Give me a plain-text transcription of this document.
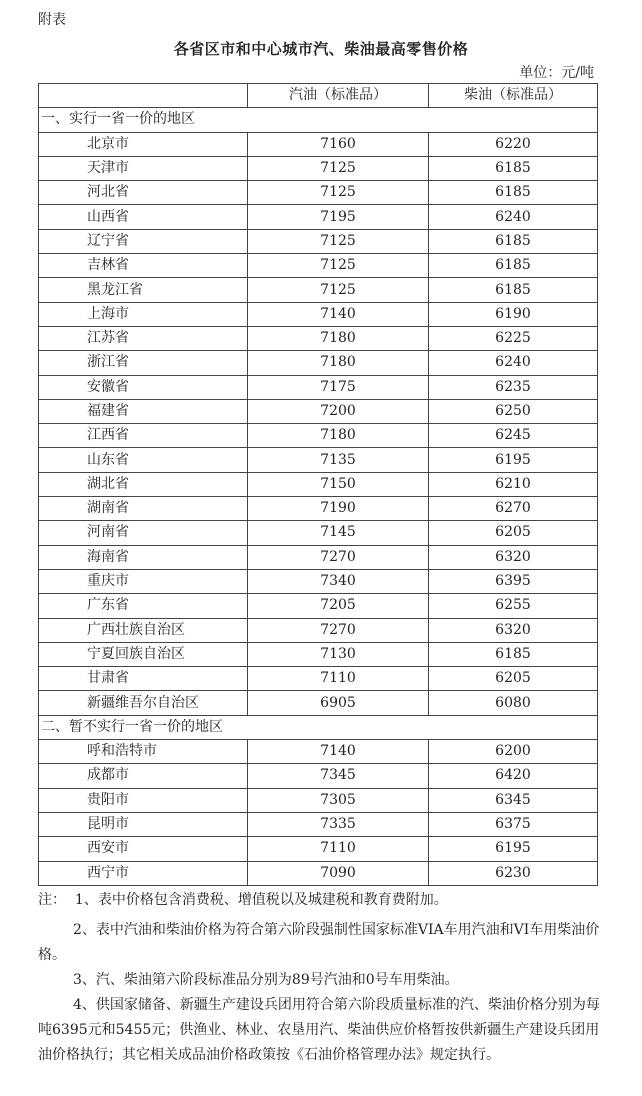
附表
各省区市和中心城市汽、柴油最高零售价格
单位：元/吨
	汽油（标准品）	柴油（标准品）
一、实行一省一价的地区		
北京市	7160	6220
天津市	7125	6185
河北省	7125	6185
山西省	7195	6240
辽宁省	7125	6185
吉林省	7125	6185
黑龙江省	7125	6185
上海市	7140	6190
江苏省	7180	6225
浙江省	7180	6240
安徽省	7175	6235
福建省	7200	6250
江西省	7180	6245
山东省	7135	6195
湖北省	7150	6210
湖南省	7190	6270
河南省	7145	6205
海南省	7270	6320
重庆市	7340	6395
广东省	7205	6255
广西壮族自治区	7270	6320
宁夏回族自治区	7130	6185
甘肃省	7110	6205
新疆维吾尔自治区	6905	6080
二、暂不实行一省一价的地区		
呼和浩特市	7140	6200
成都市	7345	6420
贵阳市	7305	6345
昆明市	7335	6375
西安市	7110	6195
西宁市	7090	6230

注： 1、表中价格包含消费税、增值税以及城建税和教育费附加。

2、表中汽油和柴油价格为符合第六阶段强制性国家标准VIA车用汽油和VI车用柴油价格。

3、汽、柴油第六阶段标准品分别为89号汽油和0号车用柴油。

4、供国家储备、新疆生产建设兵团用符合第六阶段质量标准的汽、柴油价格分别为每吨6395元和5455元；供渔业、林业、农垦用汽、柴油供应价格暂按供新疆生产建设兵团用油价格执行；其它相关成品油价格政策按《石油价格管理办法》规定执行。
